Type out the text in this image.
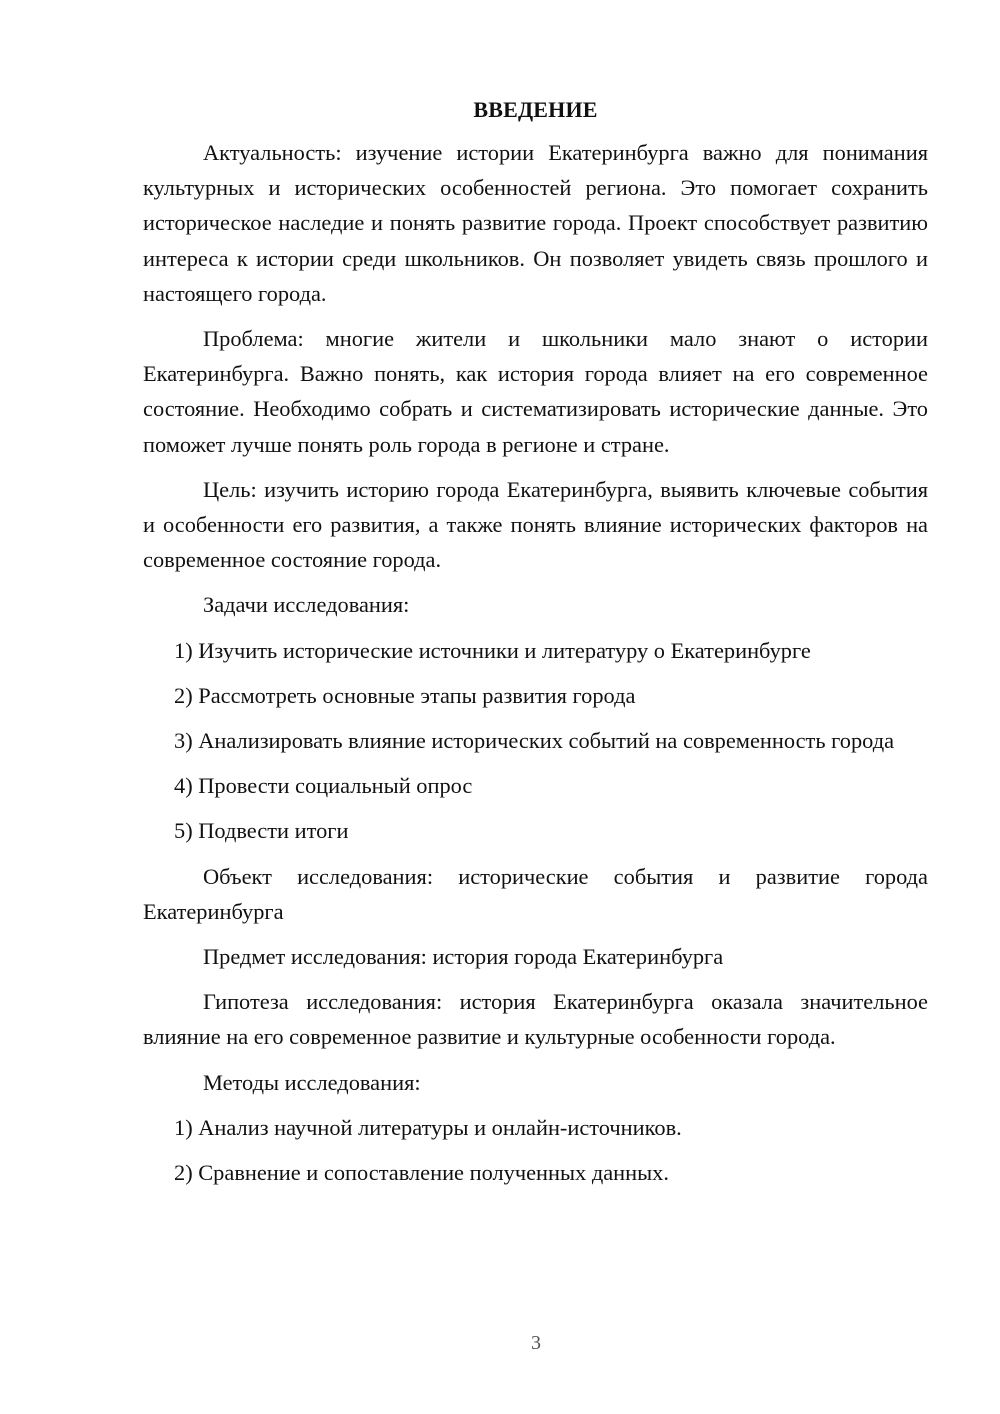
ВВЕДЕНИЕ

Актуальность: изучение истории Екатеринбурга важно для понимания культурных и исторических особенностей региона. Это помогает сохранить историческое наследие и понять развитие города. Проект способствует развитию интереса к истории среди школьников. Он позволяет увидеть связь прошлого и настоящего города.

Проблема: многие жители и школьники мало знают о истории Екатеринбурга. Важно понять, как история города влияет на его современное состояние. Необходимо собрать и систематизировать исторические данные. Это поможет лучше понять роль города в регионе и стране.

Цель: изучить историю города Екатеринбурга, выявить ключевые события и особенности его развития, а также понять влияние исторических факторов на современное состояние города.

Задачи исследования:

1) Изучить исторические источники и литературу о Екатеринбурге

2) Рассмотреть основные этапы развития города

3) Анализировать влияние исторических событий на современность города

4) Провести социальный опрос

5) Подвести итоги

Объект исследования: исторические события и развитие города Екатеринбурга

Предмет исследования: история города Екатеринбурга

Гипотеза исследования: история Екатеринбурга оказала значительное влияние на его современное развитие и культурные особенности города.

Методы исследования:

1) Анализ научной литературы и онлайн-источников.

2) Сравнение и сопоставление полученных данных.

3
